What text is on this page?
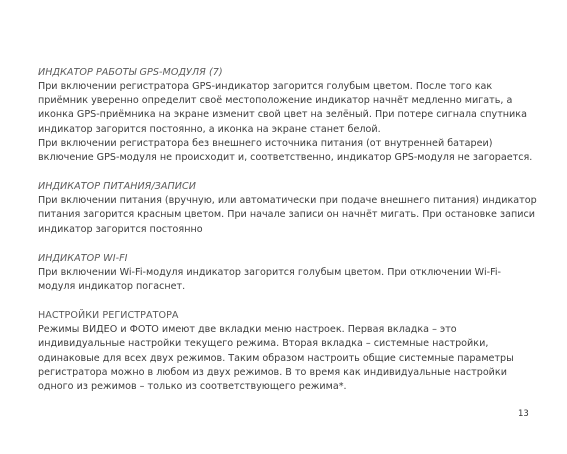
ИНДКАТОР РАБОТЫ GPS-МОДУЛЯ (7)

При включении регистратора GPS-индикатор загорится голубым цветом. После того как приёмник уверенно определит своё местоположение индикатор начнёт медленно мигать, а иконка GPS-приёмника на экране изменит свой цвет на зелёный. При потере сигнала спутника индикатор загорится постоянно, а иконка на экране станет белой.

При включении регистратора без внешнего источника питания (от внутренней батареи) включение GPS-модуля не происходит и, соответственно, индикатор GPS-модуля не загорается.

ИНДИКАТОР ПИТАНИЯ/ЗАПИСИ

При включении питания (вручную, или автоматически при подаче внешнего питания) индикатор питания загорится красным цветом. При начале записи он начнёт мигать. При остановке записи индикатор загорится постоянно

ИНДИКАТОР WI-FI

При включении Wi-Fi-модуля индикатор загорится голубым цветом. При отключении Wi-Fi-модуля индикатор погаснет.

НАСТРОЙКИ РЕГИСТРАТОРА

Режимы ВИДЕО и ФОТО имеют две вкладки меню настроек. Первая вкладка – это индивидуальные настройки текущего режима. Вторая вкладка – системные настройки, одинаковые для всех двух режимов. Таким образом настроить общие системные параметры регистратора можно в любом из двух режимов. В то время как индивидуальные настройки одного из режимов – только из соответствующего режима*.

13
